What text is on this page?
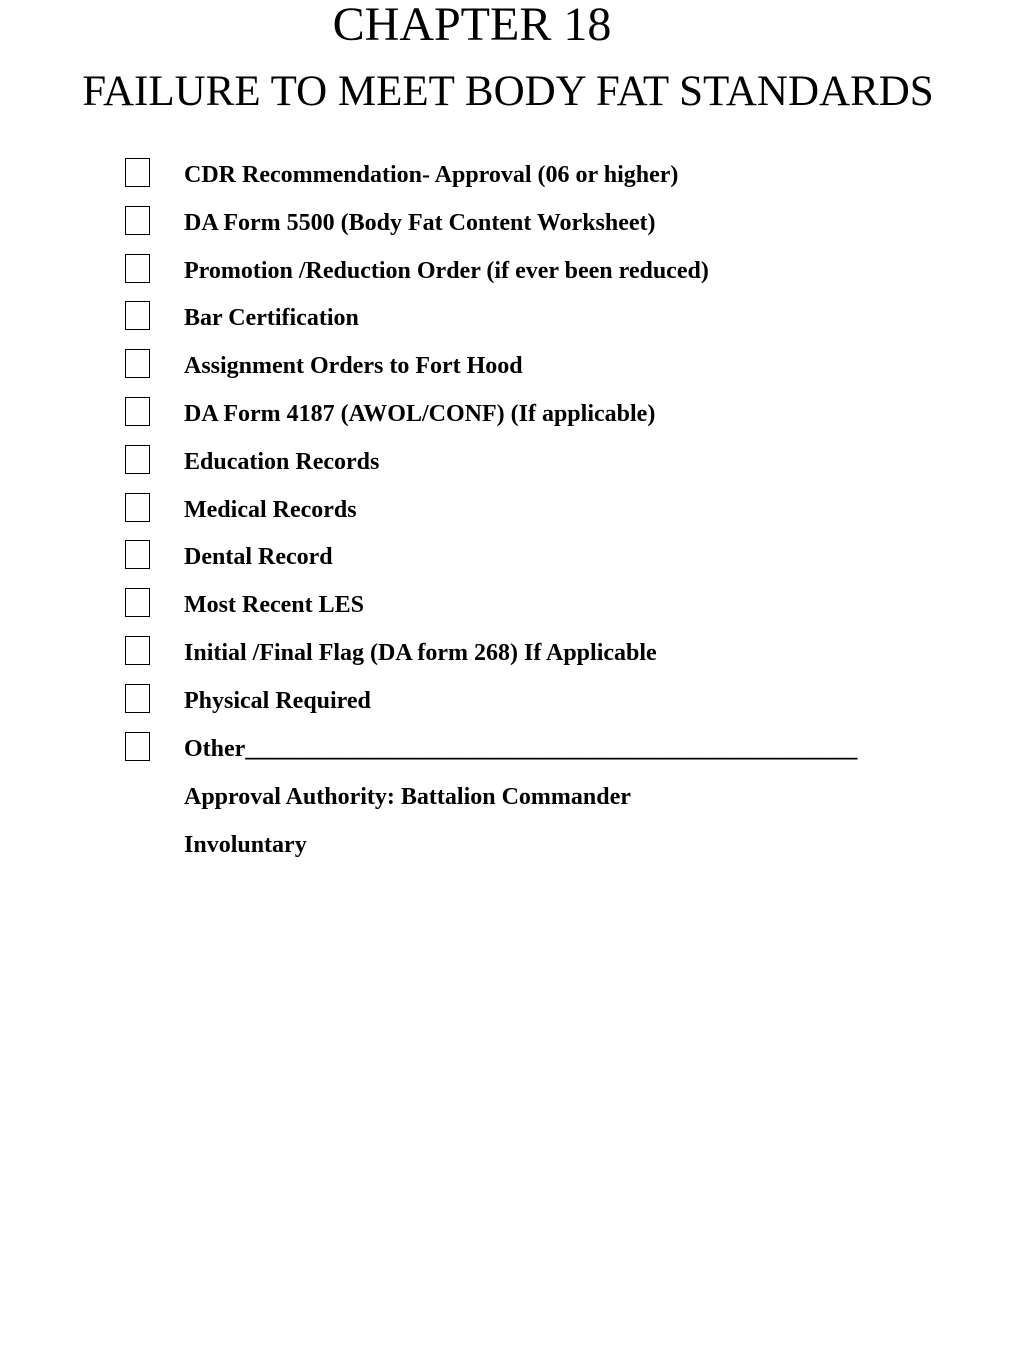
CHAPTER 18
FAILURE TO MEET BODY FAT STANDARDS
CDR Recommendation- Approval (06 or higher)
DA Form 5500 (Body Fat Content Worksheet)
Promotion /Reduction Order (if ever been reduced)
Bar Certification
Assignment Orders to Fort Hood
DA Form 4187 (AWOL/CONF) (If applicable)
Education Records
Medical Records
Dental Record
Most Recent LES
Initial /Final Flag (DA form 268) If Applicable
Physical Required
Other___________________________________________________
Approval Authority: Battalion Commander
Involuntary
